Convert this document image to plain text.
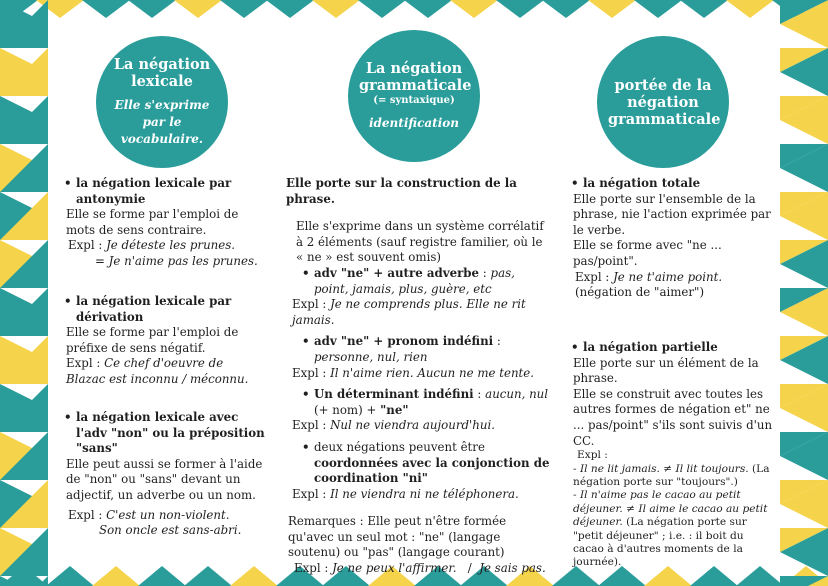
La négation lexicale
Elle s'exprime par le vocabulaire.
• la négation lexicale par antonymie

Elle se forme par l'emploi de mots de sens contraire.

Expl : Je déteste les prunes.

= Je n'aime pas les prunes.

• la négation lexicale par dérivation

Elle se forme par l'emploi de préfixe de sens négatif.

Expl : Ce chef d'oeuvre de Blazac est inconnu / méconnu.

• la négation lexicale avec l'adv "non" ou la préposition "sans"

Elle peut aussi se former à l'aide de "non" ou "sans" devant un adjectif, un adverbe ou un nom.

Expl : C'est un non-violent.

Son oncle est sans-abri.

La négation grammaticale
(= syntaxique)
identification

Elle porte sur la construction de la phrase.

Elle s'exprime dans un système corrélatif à 2 éléments (sauf registre familier, où le « ne » est souvent omis)

• adv "ne" + autre adverbe : pas, point, jamais, plus, guère, etc

Expl : Je ne comprends plus. Elle ne rit jamais.

• adv "ne" + pronom indéfini : personne, nul, rien

Expl : Il n'aime rien. Aucun ne me tente.

• Un déterminant indéfini : aucun, nul (+ nom) + "ne"

Expl : Nul ne viendra aujourd'hui.

• deux négations peuvent être coordonnées avec la conjonction de coordination "ni"

Expl : Il ne viendra ni ne téléphonera.

Remarques : Elle peut n'être formée qu'avec un seul mot : "ne" (langage soutenu) ou "pas" (langage courant)

Expl : Je ne peux l'affirmer.   /  Je sais pas.

portée de la négation grammaticale
• la négation totale

Elle porte sur l'ensemble de la phrase, nie l'action exprimée par le verbe.

Elle se forme avec "ne ... pas/point".

Expl : Je ne t'aime point. (négation de "aimer")

• la négation partielle

Elle porte sur un élément de la phrase.

Elle se construit avec toutes les autres formes de négation et" ne ... pas/point" s'ils sont suivis d'un CC.

Expl :

- Il ne lit jamais. ≠ Il lit toujours. (La négation porte sur "toujours".)

- Il n'aime pas le cacao au petit déjeuner. ≠ Il aime le cacao au petit déjeuner. (La négation porte sur "petit déjeuner" ; i.e. : il boit du cacao à d'autres moments de la journée).
